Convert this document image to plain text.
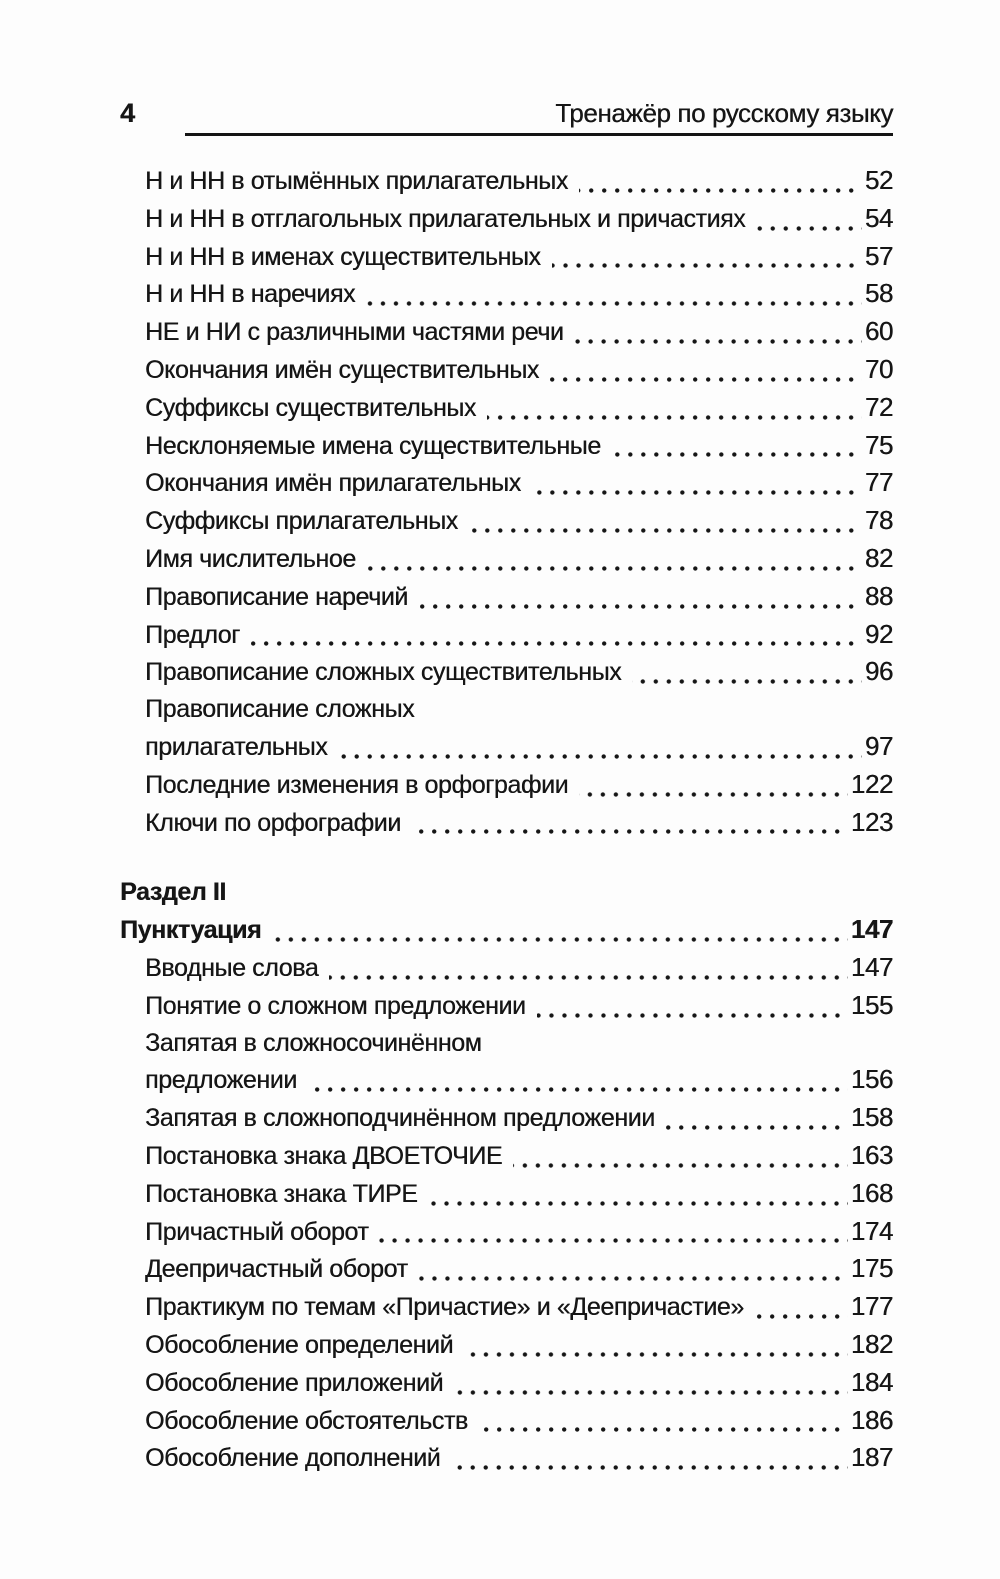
4	Тренажёр по русскому языку
Н и НН в отымённых прилагательных	52
Н и НН в отглагольных прилагательных и причастиях	54
Н и НН в именах существительных	57
Н и НН в наречиях	58
НЕ и НИ с различными частями речи	60
Окончания имён существительных	70
Суффиксы существительных	72
Несклоняемые имена существительные	75
Окончания имён прилагательных	77
Суффиксы прилагательных	78
Имя числительное	82
Правописание наречий	88
Предлог	92
Правописание сложных существительных	96
Правописание сложных
прилагательных	97
Последние изменения в орфографии	122
Ключи по орфографии	123
Раздел II
Пунктуация	147
Вводные слова	147
Понятие о сложном предложении	155
Запятая в сложносочинённом
предложении	156
Запятая в сложноподчинённом предложении	158
Постановка знака ДВОЕТОЧИЕ	163
Постановка знака ТИРЕ	168
Причастный оборот	174
Деепричастный оборот	175
Практикум по темам «Причастие» и «Деепричастие»	177
Обособление определений	182
Обособление приложений	184
Обособление обстоятельств	186
Обособление дополнений	187
